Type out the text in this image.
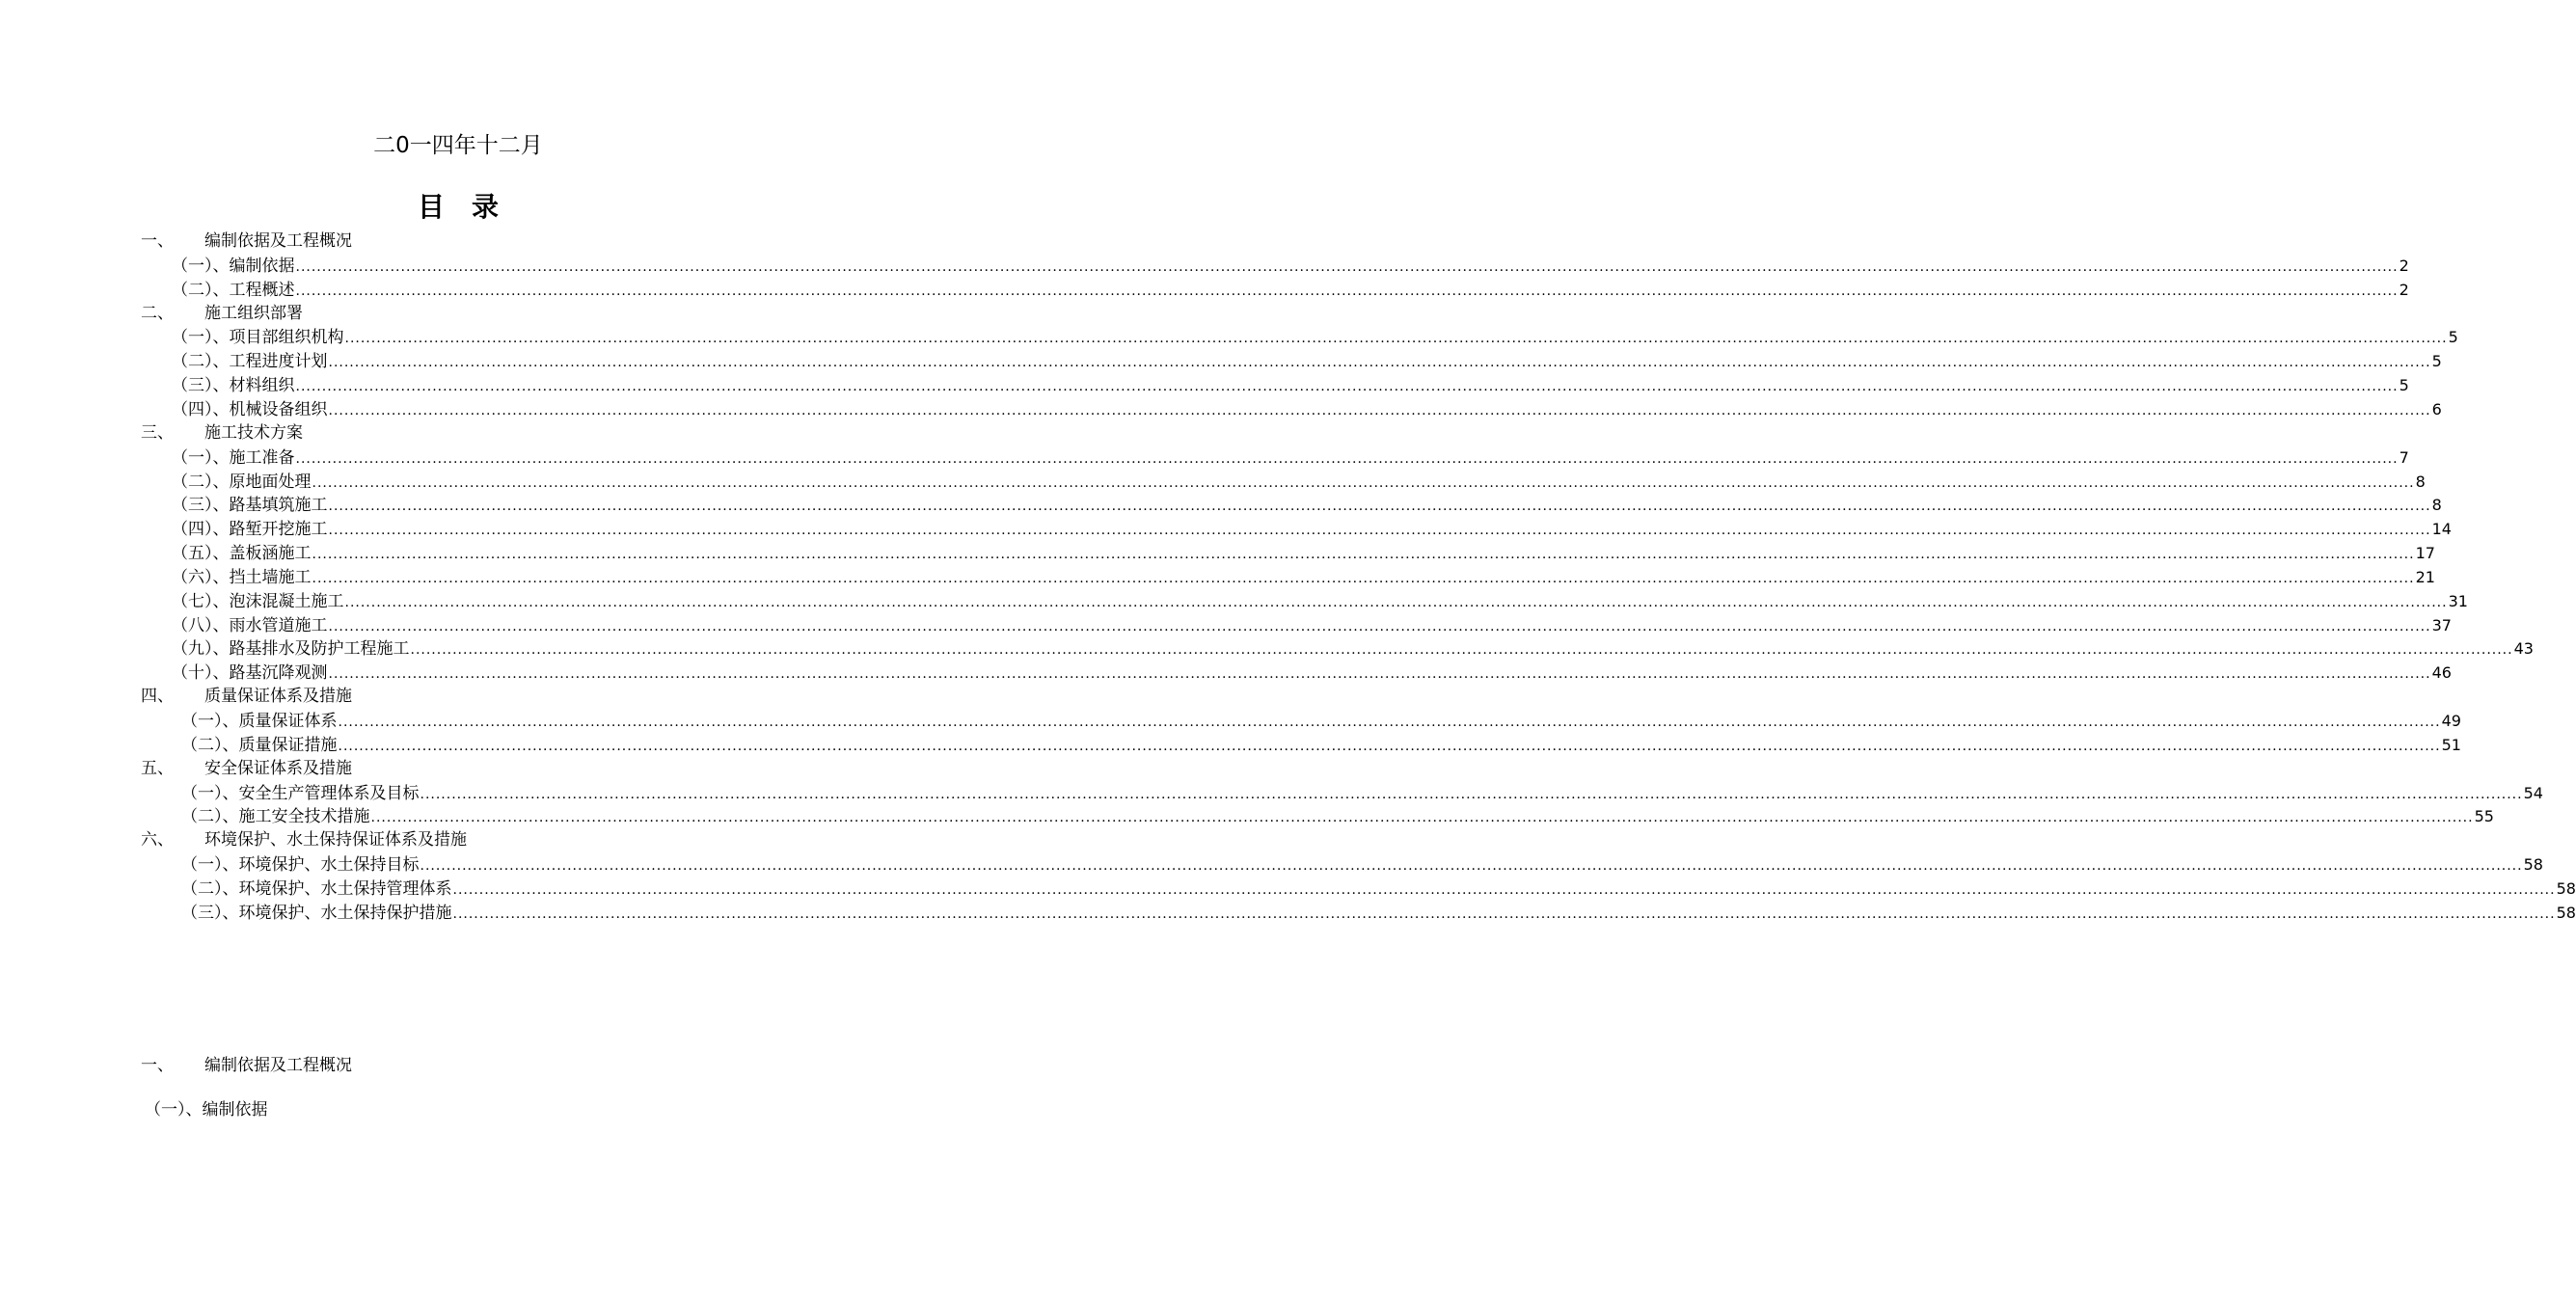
二0一四年十二月
目录
一、 编制依据及工程概况
（一）、编制依据 ................................................................................................................................................................................................................................................................................................................................................................................................................ 2
（二）、工程概述 ................................................................................................................................................................................................................................................................................................................................................................................................................ 2
二、 施工组织部署
（一）、项目部组织机构 ................................................................................................................................................................................................................................................................................................................................................................................................................ 5
（二）、工程进度计划 ................................................................................................................................................................................................................................................................................................................................................................................................................ 5
（三）、材料组织 ................................................................................................................................................................................................................................................................................................................................................................................................................ 5
（四）、机械设备组织 ................................................................................................................................................................................................................................................................................................................................................................................................................ 6
三、 施工技术方案
（一）、施工准备 ................................................................................................................................................................................................................................................................................................................................................................................................................ 7
（二）、原地面处理 ................................................................................................................................................................................................................................................................................................................................................................................................................ 8
（三）、路基填筑施工 ................................................................................................................................................................................................................................................................................................................................................................................................................ 8
（四）、路堑开挖施工 ................................................................................................................................................................................................................................................................................................................................................................................................................ 14
（五）、盖板涵施工 ................................................................................................................................................................................................................................................................................................................................................................................................................ 17
（六）、挡土墙施工 ................................................................................................................................................................................................................................................................................................................................................................................................................ 21
（七）、泡沫混凝土施工 ................................................................................................................................................................................................................................................................................................................................................................................................................ 31
（八）、雨水管道施工 ................................................................................................................................................................................................................................................................................................................................................................................................................ 37
（九）、路基排水及防护工程施工 ................................................................................................................................................................................................................................................................................................................................................................................................................ 43
（十）、路基沉降观测 ................................................................................................................................................................................................................................................................................................................................................................................................................ 46
四、 质量保证体系及措施
（一）、质量保证体系 ................................................................................................................................................................................................................................................................................................................................................................................................................ 49
（二）、质量保证措施 ................................................................................................................................................................................................................................................................................................................................................................................................................ 51
五、 安全保证体系及措施
（一）、安全生产管理体系及目标 ................................................................................................................................................................................................................................................................................................................................................................................................................ 54
（二）、施工安全技术措施 ................................................................................................................................................................................................................................................................................................................................................................................................................ 55
六、 环境保护、水土保持保证体系及措施
（一）、环境保护、水土保持目标 ................................................................................................................................................................................................................................................................................................................................................................................................................ 58
（二）、环境保护、水土保持管理体系 ................................................................................................................................................................................................................................................................................................................................................................................................................ 58
（三）、环境保护、水土保持保护措施 ................................................................................................................................................................................................................................................................................................................................................................................................................ 58
一、 编制依据及工程概况
（一）、编制依据
